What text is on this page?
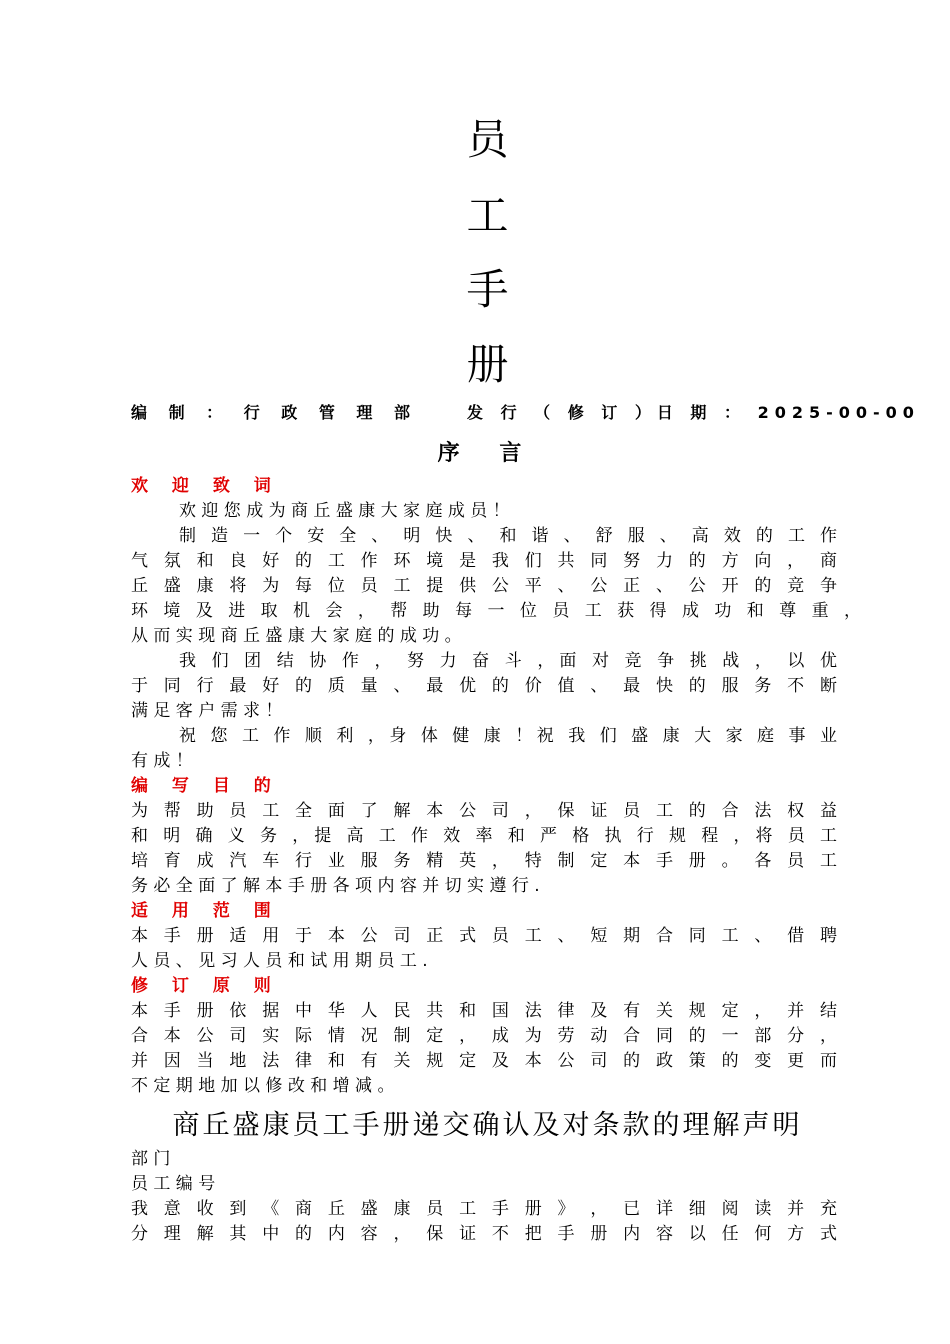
员
工
手
册
编 制 ： 行 政 管 理 部	发 行 （ 修 订 ）日 期 ： 2025-00-00
序 言
欢 迎 致 词
欢 迎 您 成 为 商 丘 盛 康 大 家 庭 成 员 ！
制 造 一 个 安 全 、 明 快 、 和 谐 、 舒 服 、 高 效 的 工 作
气 氛 和 良 好 的 工 作 环 境 是 我 们 共 同 努 力 的 方 向 ， 商
丘 盛 康 将 为 每 位 员 工 提 供 公 平 、 公 正 、 公 开 的 竞 争
环 境 及 进 取 机 会 ， 帮 助 每 一 位 员 工 获 得 成 功 和 尊 重 ，
从 而 实 现 商 丘 盛 康 大 家 庭 的 成 功 。
我 们 团 结 协 作 ， 努 力 奋 斗 ，面 对 竞 争 挑 战 ， 以 优
于 同 行 最 好 的 质 量 、 最 优 的 价 值 、 最 快 的 服 务 不 断
满 足 客 户 需 求 ！
祝 您 工 作 顺 利 ，身 体 健 康 ！祝 我 们 盛 康 大 家 庭 事 业
有 成 ！
编 写 目 的
为 帮 助 员 工 全 面 了 解 本 公 司 ， 保 证 员 工 的 合 法 权 益
和 明 确 义 务 ，提 高 工 作 效 率 和 严 格 执 行 规 程 ，将 员 工
培 育 成 汽 车 行 业 服 务 精 英 ， 特 制 定 本 手 册 。 各 员 工
务 必 全 面 了 解 本 手 册 各 项 内 容 并 切 实 遵 行 .
适 用 范 围
本 手 册 适 用 于 本 公 司 正 式 员 工 、 短 期 合 同 工 、 借 聘
人 员 、 见 习 人 员 和 试 用 期 员 工 .
修 订 原 则
本 手 册 依 据 中 华 人 民 共 和 国 法 律 及 有 关 规 定 ， 并 结
合 本 公 司 实 际 情 况 制 定 ， 成 为 劳 动 合 同 的 一 部 分 ，
并 因 当 地 法 律 和 有 关 规 定 及 本 公 司 的 政 策 的 变 更 而
不 定 期 地 加 以 修 改 和 增 减 。
商丘盛康员工手册递交确认及对条款的理解声明
部 门
员 工 编 号
我 意 收 到 《 商 丘 盛 康 员 工 手 册 》 ， 已 详 细 阅 读 并 充
分 理 解 其 中 的 内 容 ， 保 证 不 把 手 册 内 容 以 任 何 方 式
